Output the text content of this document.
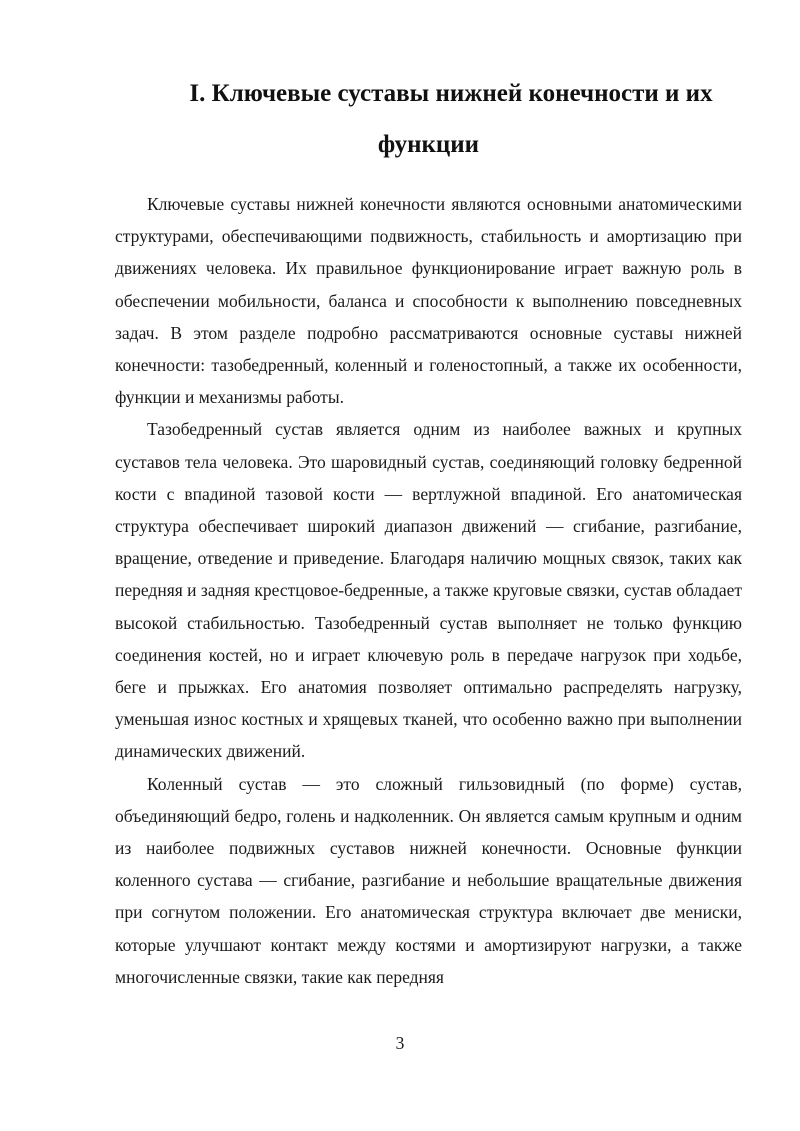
I. Ключевые суставы нижней конечности и их функции

Ключевые суставы нижней конечности являются основными анатомическими структурами, обеспечивающими подвижность, стабильность и амортизацию при движениях человека. Их правильное функционирование играет важную роль в обеспечении мобильности, баланса и способности к выполнению повседневных задач. В этом разделе подробно рассматриваются основные суставы нижней конечности: тазобедренный, коленный и голеностопный, а также их особенности, функции и механизмы работы.

Тазобедренный сустав является одним из наиболее важных и крупных суставов тела человека. Это шаровидный сустав, соединяющий головку бедренной кости с впадиной тазовой кости — вертлужной впадиной. Его анатомическая структура обеспечивает широкий диапазон движений — сгибание, разгибание, вращение, отведение и приведение. Благодаря наличию мощных связок, таких как передняя и задняя крестцовое-бедренные, а также круговые связки, сустав обладает высокой стабильностью. Тазобедренный сустав выполняет не только функцию соединения костей, но и играет ключевую роль в передаче нагрузок при ходьбе, беге и прыжках. Его анатомия позволяет оптимально распределять нагрузку, уменьшая износ костных и хрящевых тканей, что особенно важно при выполнении динамических движений.

Коленный сустав — это сложный гильзовидный (по форме) сустав, объединяющий бедро, голень и надколенник. Он является самым крупным и одним из наиболее подвижных суставов нижней конечности. Основные функции коленного сустава — сгибание, разгибание и небольшие вращательные движения при согнутом положении. Его анатомическая структура включает две мениски, которые улучшают контакт между костями и амортизируют нагрузки, а также многочисленные связки, такие как передняя

3
